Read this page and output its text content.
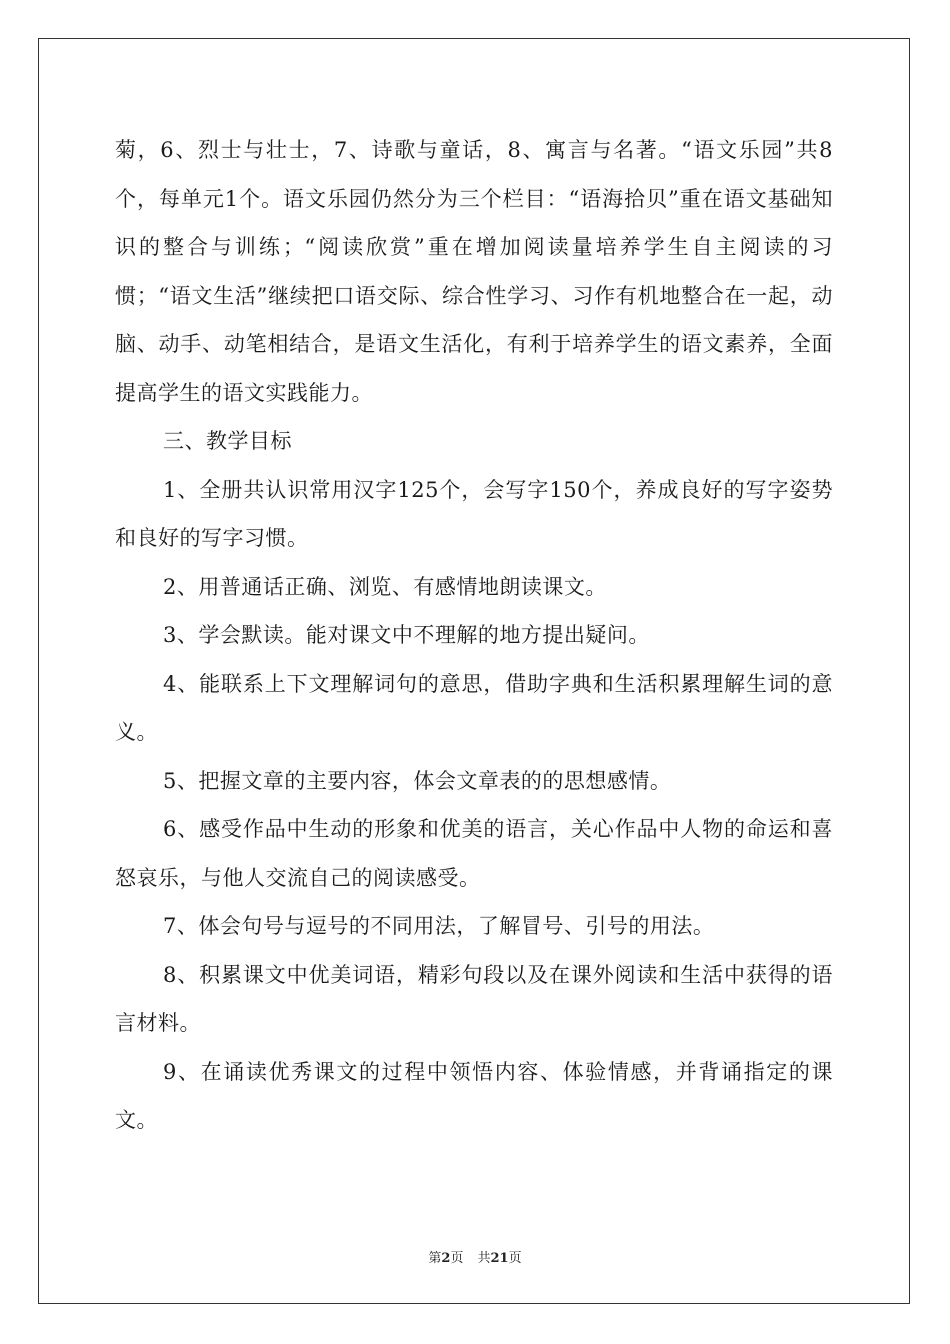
菊，6、烈士与壮士，7、诗歌与童话，8、寓言与名著。“语文乐园”共8个，每单元1个。语文乐园仍然分为三个栏目：“语海拾贝”重在语文基础知识的整合与训练；“阅读欣赏”重在增加阅读量培养学生自主阅读的习惯；“语文生活”继续把口语交际、综合性学习、习作有机地整合在一起，动脑、动手、动笔相结合，是语文生活化，有利于培养学生的语文素养，全面提高学生的语文实践能力。

三、教学目标

1、全册共认识常用汉字125个，会写字150个，养成良好的写字姿势和良好的写字习惯。

2、用普通话正确、浏览、有感情地朗读课文。

3、学会默读。能对课文中不理解的地方提出疑问。

4、能联系上下文理解词句的意思，借助字典和生活积累理解生词的意义。

5、把握文章的主要内容，体会文章表的的思想感情。

6、感受作品中生动的形象和优美的语言，关心作品中人物的命运和喜怒哀乐，与他人交流自己的阅读感受。

7、体会句号与逗号的不同用法，了解冒号、引号的用法。

8、积累课文中优美词语，精彩句段以及在课外阅读和生活中获得的语言材料。

9、在诵读优秀课文的过程中领悟内容、体验情感，并背诵指定的课文。

第2页 共21页
